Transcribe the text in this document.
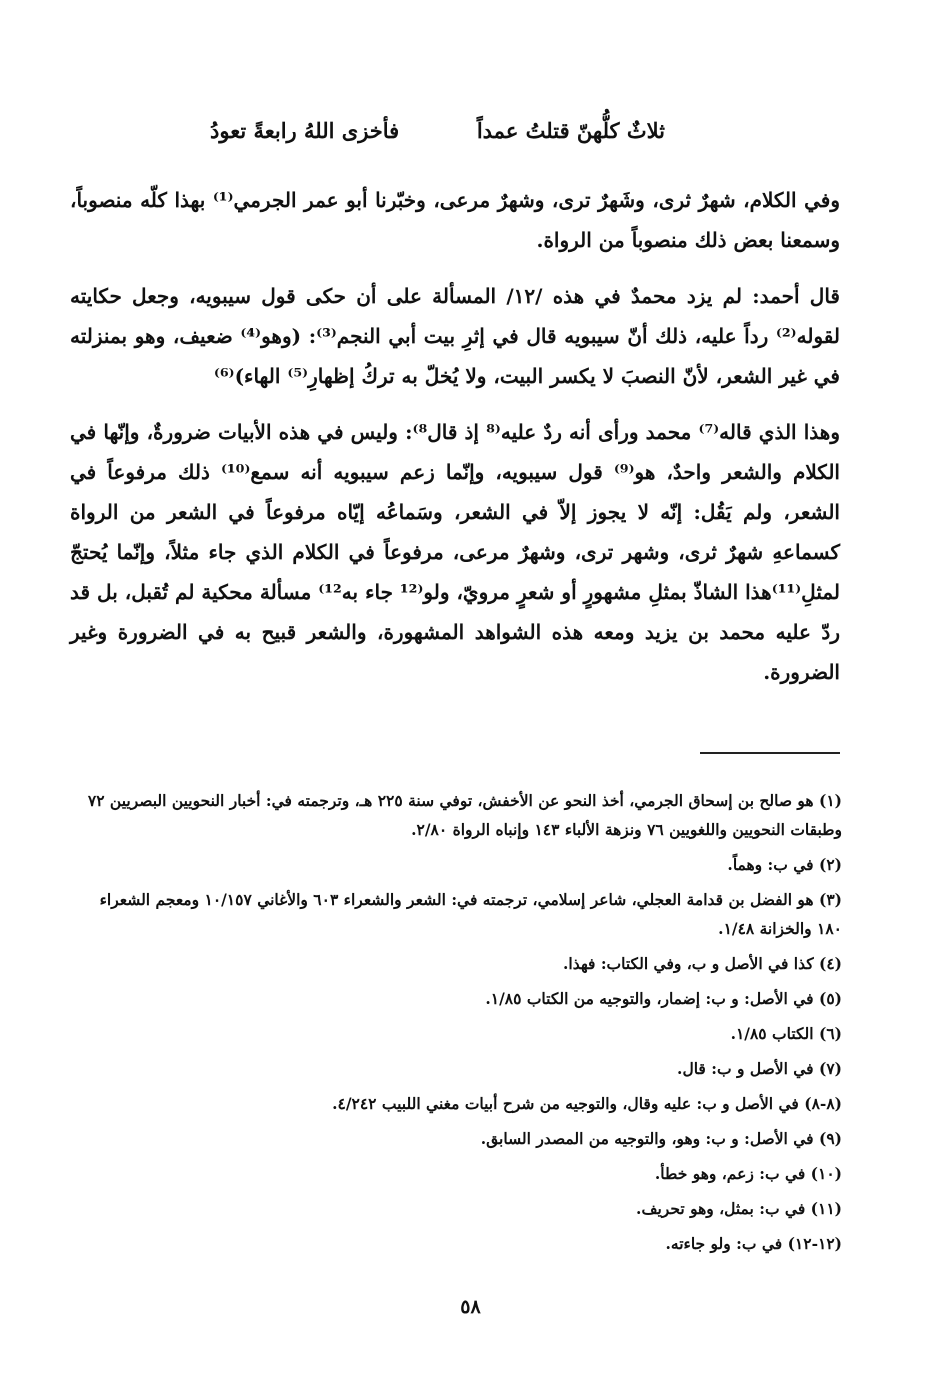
ثلاثٌ كلُّهنّ قتلتُ عمداً
فأخزى اللهُ رابعةً تعودُ

وفي الكلام، شهرٌ ثرى، وشَهرٌ ترى، وشهرٌ مرعى، وخبّرنا أبو عمر الجرمي⁽¹⁾ بهذا كلّه منصوباً، وسمعنا بعض ذلك منصوباً من الرواة.

قال أحمد: لم يزد محمدٌ في هذه /١٢/ المسألة على أن حكى قول سيبويه، وجعل حكايته لقوله⁽²⁾ رداً عليه، ذلك أنّ سيبويه قال في إثرِ بيت أبي النجم⁽³⁾: (وهو⁽⁴⁾ ضعيف، وهو بمنزلته في غير الشعر، لأنّ النصبَ لا يكسر البيت، ولا يُخلّ به تركُ إظهارِ⁽⁵⁾ الهاء)⁽⁶⁾

وهذا الذي قاله⁽⁷⁾ محمد ورأى أنه ردٌ عليه⁽⁸ إذ قال⁸⁾: وليس في هذه الأبيات ضرورةٌ، وإنّها في الكلام والشعر واحدٌ، هو⁽⁹⁾ قول سيبويه، وإنّما زعم سيبويه أنه سمع⁽¹⁰⁾ ذلك مرفوعاً في الشعر، ولم يَقُل: إنّه لا يجوز إلاّ في الشعر، وسَماعُه إيّاه مرفوعاً في الشعر من الرواة كسماعهِ شهرٌ ثرى، وشهر ترى، وشهرٌ مرعى، مرفوعاً في الكلام الذي جاء مثلاً، وإنّما يُحتجّ لمثلِ⁽¹¹⁾هذا الشاذّ بمثلِ مشهورٍ أو شعرٍ مرويّ، ولو⁽¹² جاء به¹²⁾ مسألة محكية لم تُقبل، بل قد ردّ عليه محمد بن يزيد ومعه هذه الشواهد المشهورة، والشعر قبيح به في الضرورة وغير الضرورة.

(١) هو صالح بن إسحاق الجرمي، أخذ النحو عن الأخفش، توفي سنة ٢٢٥ هـ، وترجمته في: أخبار النحويين البصريين ٧٢ وطبقات النحويين واللغويين ٧٦ ونزهة الألباء ١٤٣ وإنباه الرواة ٢/٨٠.
(٢) في ب: وهماً.
(٣) هو الفضل بن قدامة العجلي، شاعر إسلامي، ترجمته في: الشعر والشعراء ٦٠٣ والأغاني ١٠/١٥٧ ومعجم الشعراء ١٨٠ والخزانة ١/٤٨.
(٤) كذا في الأصل و ب، وفي الكتاب: فهذا.
(٥) في الأصل: و ب: إضمار، والتوجيه من الكتاب ١/٨٥.
(٦) الكتاب ١/٨٥.
(٧) في الأصل و ب: قال.
(٨-٨) في الأصل و ب: عليه وقال، والتوجيه من شرح أبيات مغني اللبيب ٤/٢٤٢.
(٩) في الأصل: و ب: وهو، والتوجيه من المصدر السابق.
(١٠) في ب: زعم، وهو خطأ.
(١١) في ب: بمثل، وهو تحريف.
(١٢-١٢) في ب: ولو جاءته.
٥٨
